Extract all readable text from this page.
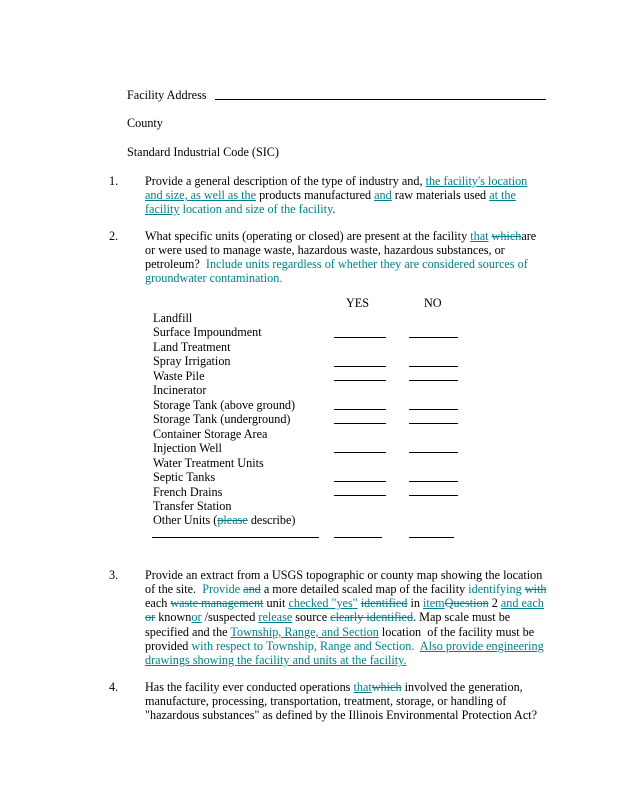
Facility Address
County
Standard Industrial Code (SIC)
1. Provide a general description of the type of industry and, the facility's location
and size, as well as the products manufactured and raw materials used at the
facility location and size of the facility.
2. What specific units (operating or closed) are present at the facility that whichare
or were used to manage waste, hazardous waste, hazardous substances, or
petroleum? Include units regardless of whether they are considered sources of
groundwater contamination.
YES	NO
Landfill
Surface Impoundment
Land Treatment
Spray Irrigation
Waste Pile
Incinerator
Storage Tank (above ground)
Storage Tank (underground)
Container Storage Area
Injection Well
Water Treatment Units
Septic Tanks
French Drains
Transfer Station
Other Units (please describe)
3. Provide an extract from a USGS topographic or county map showing the location
of the site. Provide and a more detailed scaled map of the facility identifying with
each waste management unit checked "yes" identified in itemQuestion 2 and each
or knownor /suspected release source clearly identified. Map scale must be
specified and the Township, Range, and Section location of the facility must be
provided with respect to Township, Range and Section. Also provide engineering
drawings showing the facility and units at the facility.
4. Has the facility ever conducted operations thatwhich involved the generation,
manufacture, processing, transportation, treatment, storage, or handling of
"hazardous substances" as defined by the Illinois Environmental Protection Act?
